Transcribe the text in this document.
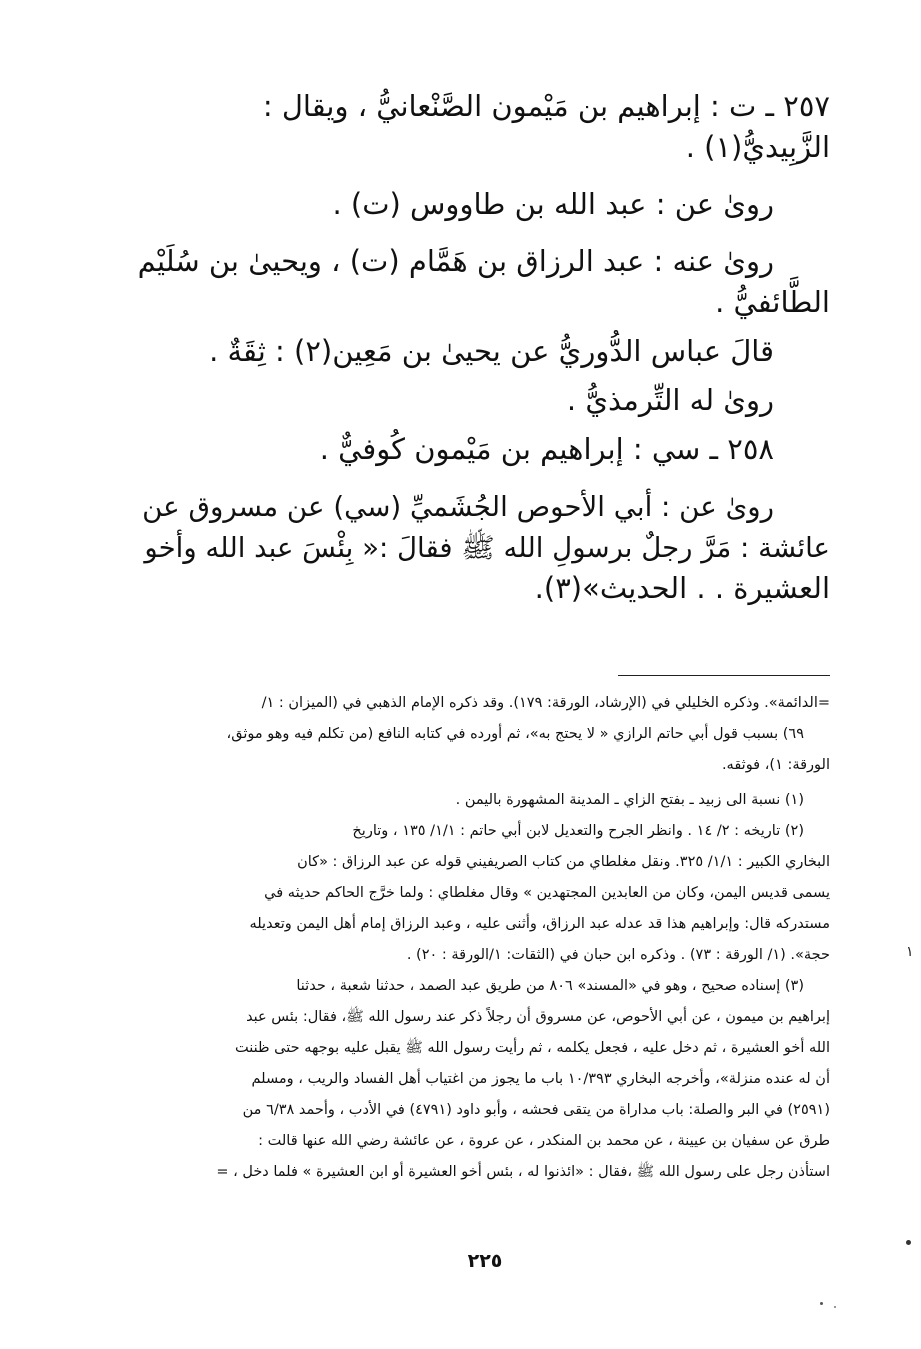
٢٥٧ ـ ت : إبراهيم بن مَيْمون الصَّنْعانيُّ ، ويقال :
الزَّبِيديُّ(١) .
روىٰ عن : عبد الله بن طاووس (ت) .
روىٰ عنه : عبد الرزاق بن هَمَّام (ت) ، ويحيىٰ بن سُلَيْم
الطَّائفيُّ .
قالَ عباس الدُّوريُّ عن يحيىٰ بن مَعِين(٢) : ثِقَةٌ .
روىٰ له التِّرمذيُّ .
٢٥٨ ـ سي : إبراهيم بن مَيْمون كُوفيٌّ .
روىٰ عن : أبي الأحوص الجُشَميِّ (سي) عن مسروق عن
عائشة : مَرَّ رجلٌ برسولِ الله ﷺ فقالَ :« بِئْسَ عبد الله وأخو
العشيرة . . الحديث»(٣).
=الدائمة». وذكره الخليلي في (الإرشاد، الورقة: ١٧٩). وقد ذكره الإمام الذهبي في (الميزان : ١/
٦٩) بسبب قول أبي حاتم الرازي « لا يحتج به»، ثم أورده في كتابه النافع (من تكلم فيه وهو موثق،
الورقة: ١)، فوثقه.
(١) نسبة الى زبيد ـ بفتح الزاي ـ المدينة المشهورة باليمن .
(٢) تاريخه : ٢/ ١٤ . وانظر الجرح والتعديل لابن أبي حاتم : ١/١/ ١٣٥ ، وتاريخ
البخاري الكبير : ١/١/ ٣٢٥. ونقل مغلطاي من كتاب الصريفيني قوله عن عبد الرزاق : «كان
يسمى قديس اليمن، وكان من العابدين المجتهدين » وقال مغلطاي : ولما خرَّج الحاكم حديثه في
مستدركه قال: وإبراهيم هذا قد عدله عبد الرزاق، وأثنى عليه ، وعبد الرزاق إمام أهل اليمن وتعديله
حجة». (١/ الورقة : ٧٣) . وذكره ابن حبان في (الثقات: ١/الورقة : ٢٠) .
(٣) إسناده صحيح ، وهو في «المسند» ٨٠٦ من طريق عبد الصمد ، حدثنا شعبة ، حدثنا
إبراهيم بن ميمون ، عن أبي الأحوص، عن مسروق أن رجلاً ذكر عند رسول الله ﷺ، فقال: بئس عبد
الله أخو العشيرة ، ثم دخل عليه ، فجعل يكلمه ، ثم رأيت رسول الله ﷺ يقبل عليه بوجهه حتى ظننت
أن له عنده منزلة»، وأخرجه البخاري ١٠/٣٩٣ باب ما يجوز من اغتياب أهل الفساد والريب ، ومسلم
(٢٥٩١) في البر والصلة: باب مداراة من يتقى فحشه ، وأبو داود (٤٧٩١) في الأدب ، وأحمد ٦/٣٨ من
طرق عن سفيان بن عيينة ، عن محمد بن المنكدر ، عن عروة ، عن عائشة رضي الله عنها قالت :
استأذن رجل على رسول الله ﷺ ،فقال : «ائذنوا له ، بئس أخو العشيرة أو ابن العشيرة » فلما دخل ، =
٢٢٥
١
